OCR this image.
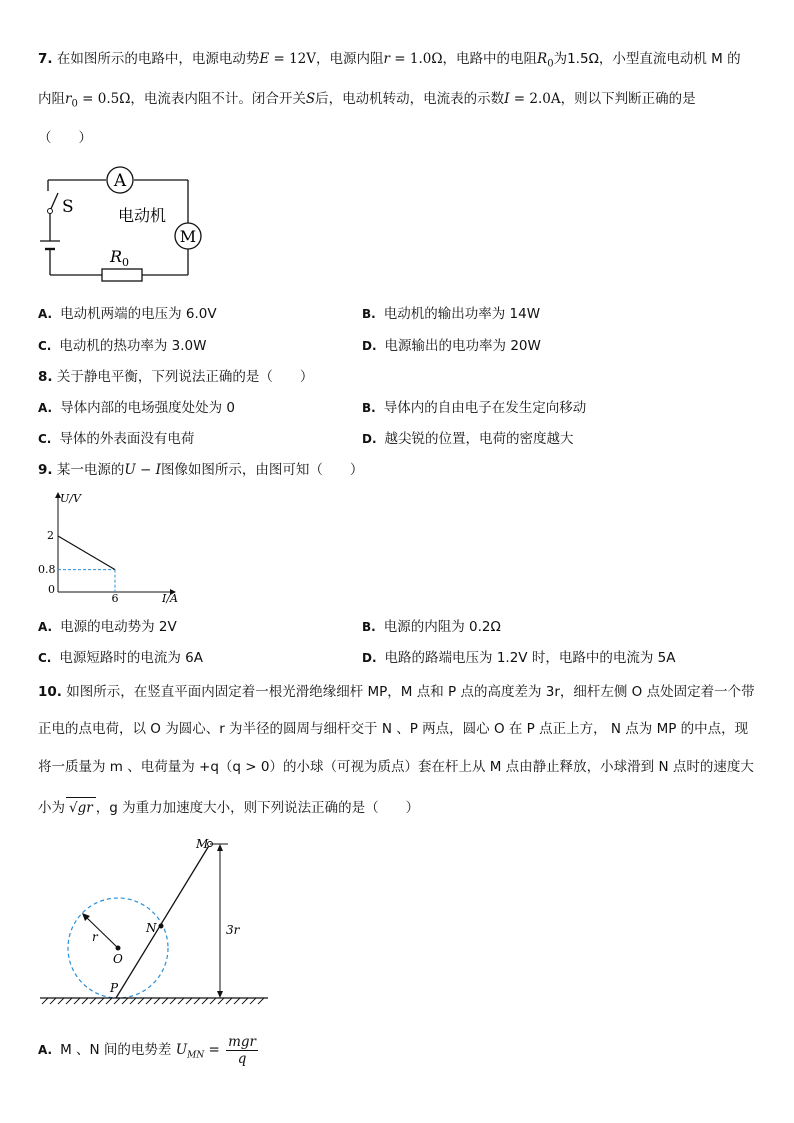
7. 在如图所示的电路中，电源电动势E = 12V，电源内阻r = 1.0Ω，电路中的电阻$R_0$为1.5Ω，小型直流电动机 M 的
内阻$r_0 = 0.5\Omega$，电流表内阻不计。闭合开关S后，电动机转动，电流表的示数I = 2.0A，则以下判断正确的是
（　　）
A
M
S	电动机
$R_0$
A. 电动机两端的电压为 6.0V	B. 电动机的输出功率为 14W
C. 电动机的热功率为 3.0W	D. 电源输出的电功率为 20W
8. 关于静电平衡，下列说法正确的是（　　）
A. 导体内部的电场强度处处为 0	B. 导体内的自由电子在发生定向移动
C. 导体的外表面没有电荷	D. 越尖锐的位置，电荷的密度越大
9. 某一电源的U − I图像如图所示，由图可知（　　）
U/V
I/A
0
6
0.8
2
A. 电源的电动势为 2V	B. 电源的内阻为 0.2Ω
C. 电源短路时的电流为 6A	D. 电路的路端电压为 1.2V 时，电路中的电流为 5A
10. 如图所示，在竖直平面内固定着一根光滑绝缘细杆 MP，M 点和 P 点的高度差为 3r，细杆左侧 O 点处固定着一个带
正电的点电荷，以 O 为圆心、r 为半径的圆周与细杆交于 N 、P 两点，圆心 O 在 P 点正上方， N 点为 MP 的中点，现
将一质量为 m 、电荷量为 +q（q > 0）的小球（可视为质点）套在杆上从 M 点由静止释放，小球滑到 N 点时的速度大
小为 √gr ，g 为重力加速度大小，则下列说法正确的是（　　）
M
N
O
P
r	3r
A. M 、N 间的电势差 $U_{MN} = \frac{\text{mgr}}{q}$
